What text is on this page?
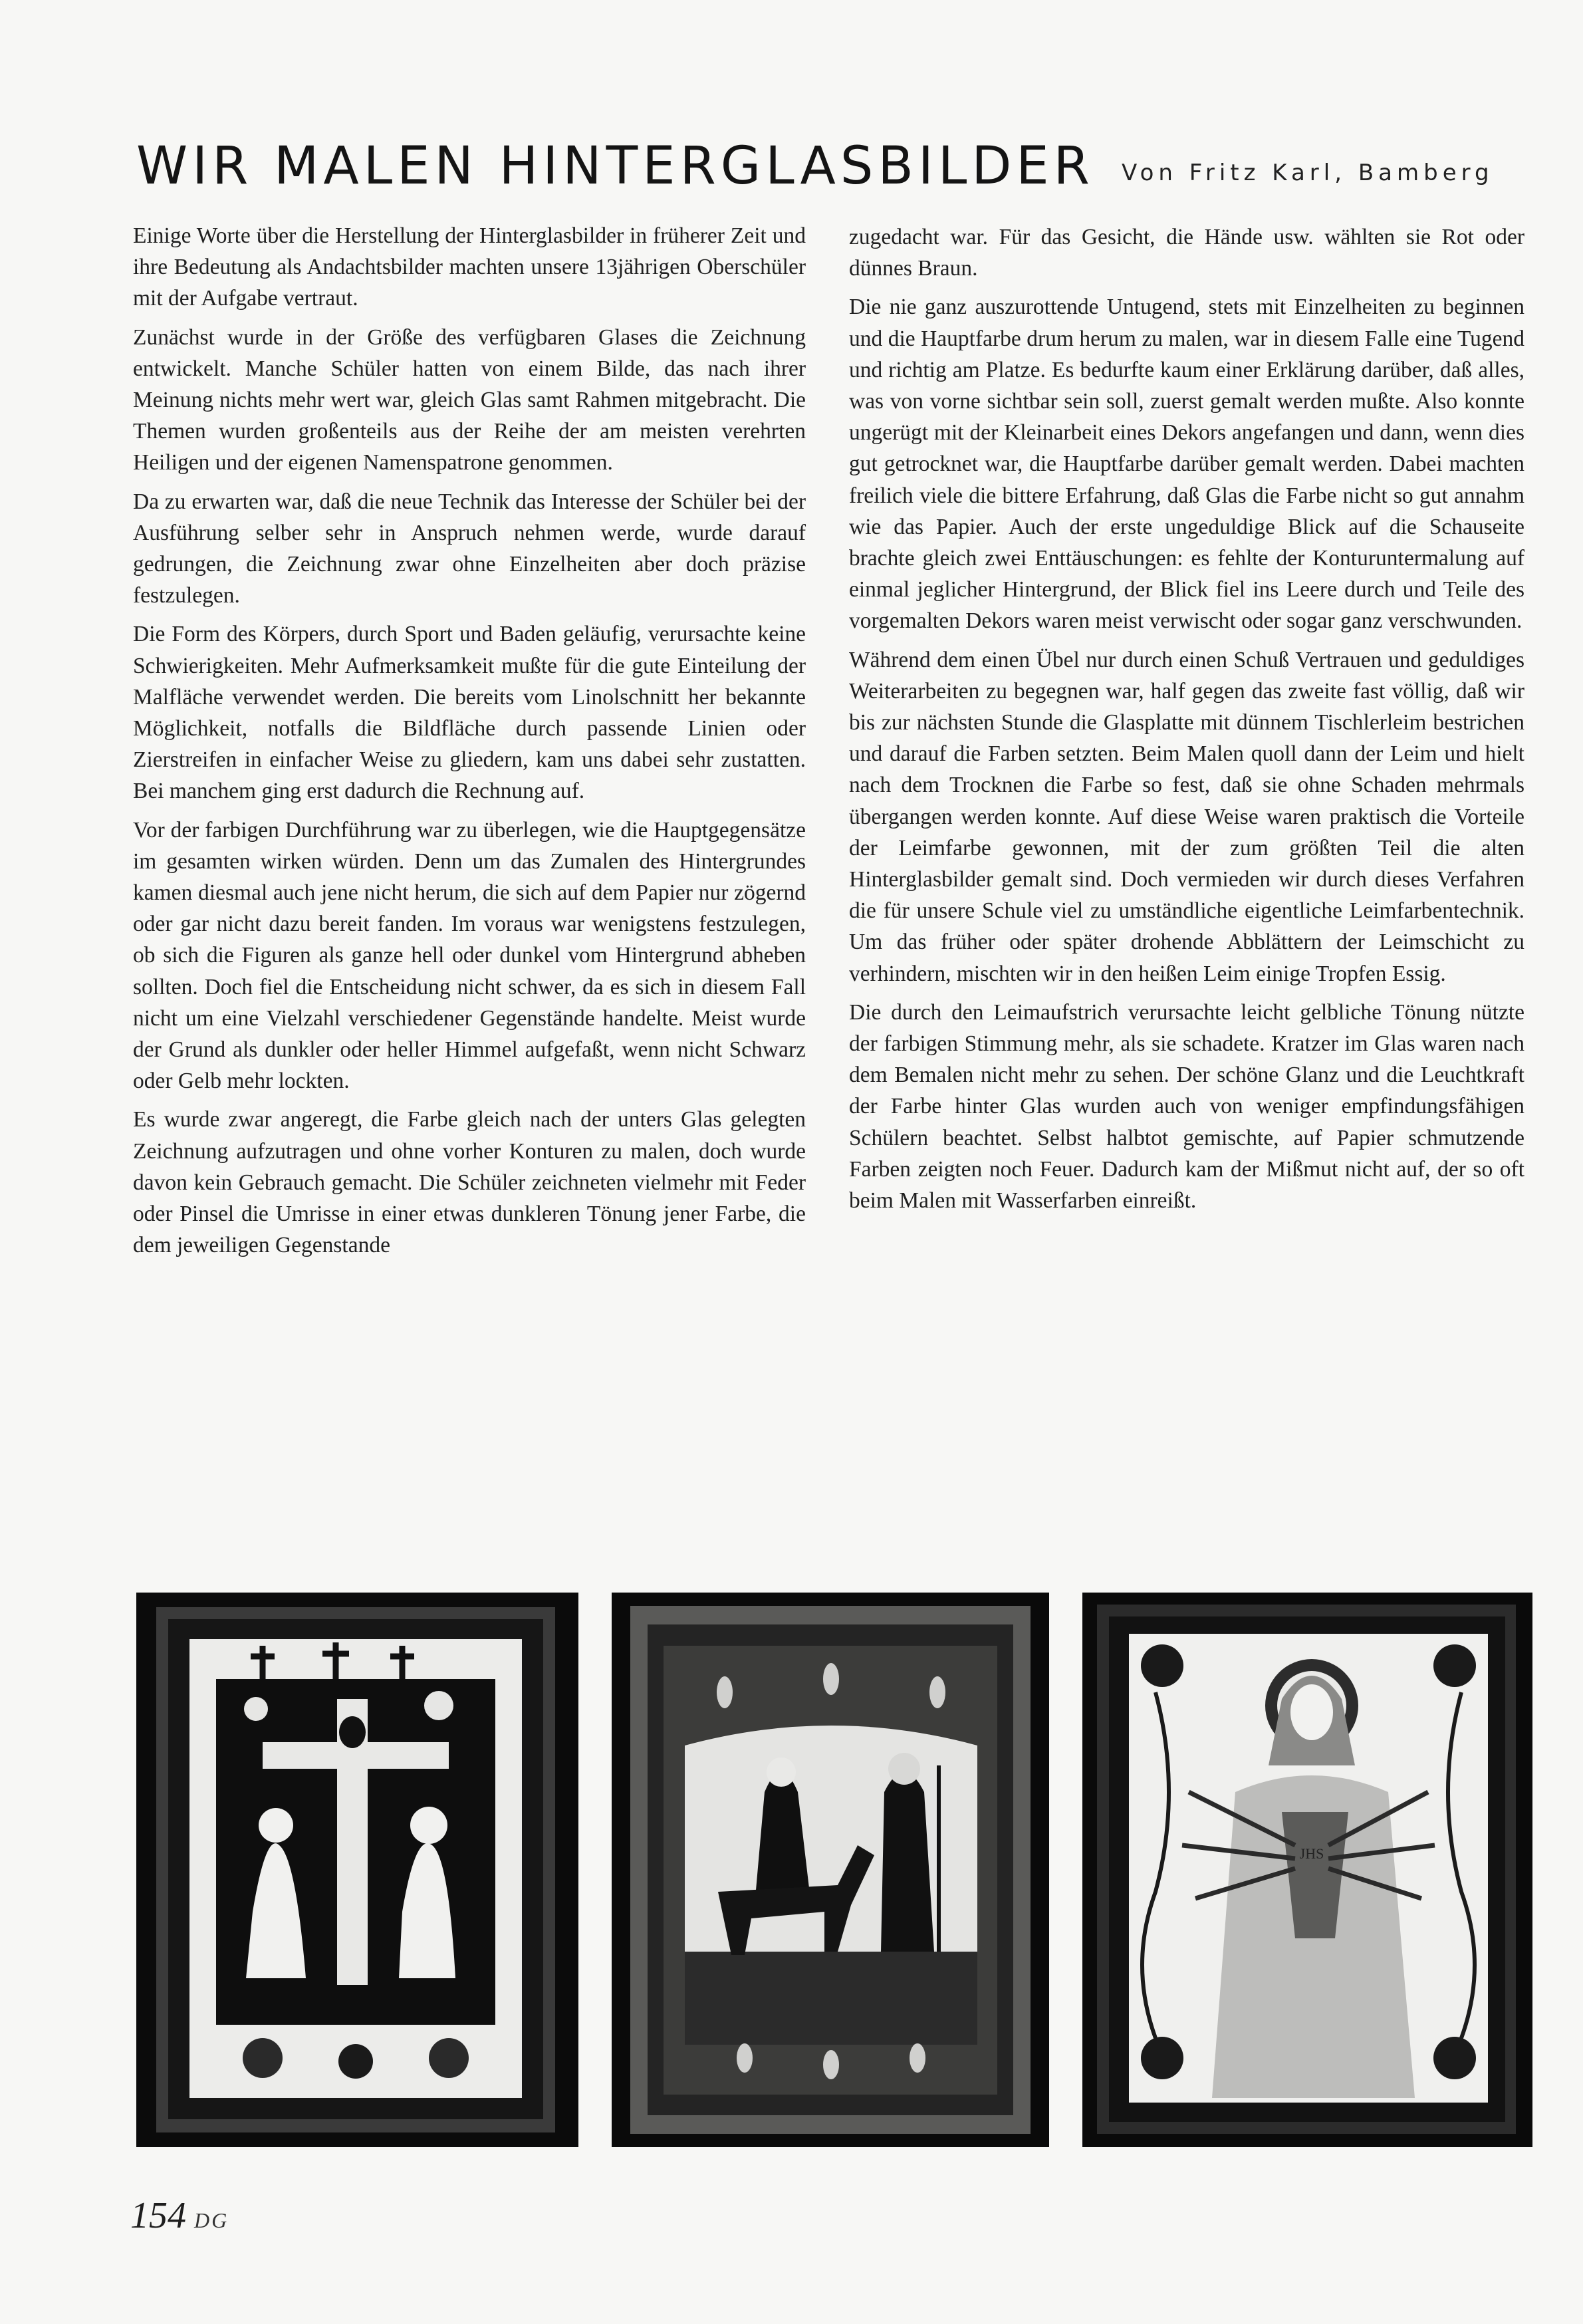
WIR MALEN HINTERGLASBILDER Von Fritz Karl, Bamberg

Einige Worte über die Herstellung der Hinterglasbilder in früherer Zeit und ihre Bedeutung als Andachtsbilder machten unsere 13jährigen Oberschüler mit der Aufgabe vertraut.

Zunächst wurde in der Größe des verfügbaren Glases die Zeichnung entwickelt. Manche Schüler hatten von einem Bilde, das nach ihrer Meinung nichts mehr wert war, gleich Glas samt Rahmen mitgebracht. Die Themen wurden großenteils aus der Reihe der am meisten verehrten Heiligen und der eigenen Namenspatrone genommen.

Da zu erwarten war, daß die neue Technik das Interesse der Schüler bei der Ausführung selber sehr in Anspruch nehmen werde, wurde darauf gedrungen, die Zeichnung zwar ohne Einzelheiten aber doch präzise festzulegen.

Die Form des Körpers, durch Sport und Baden geläufig, verursachte keine Schwierigkeiten. Mehr Aufmerksamkeit mußte für die gute Einteilung der Malfläche verwendet werden. Die bereits vom Linolschnitt her bekannte Möglichkeit, notfalls die Bildfläche durch passende Linien oder Zierstreifen in einfacher Weise zu gliedern, kam uns dabei sehr zustatten. Bei manchem ging erst dadurch die Rechnung auf.

Vor der farbigen Durchführung war zu überlegen, wie die Hauptgegensätze im gesamten wirken würden. Denn um das Zumalen des Hintergrundes kamen diesmal auch jene nicht herum, die sich auf dem Papier nur zögernd oder gar nicht dazu bereit fanden. Im voraus war wenigstens festzulegen, ob sich die Figuren als ganze hell oder dunkel vom Hintergrund abheben sollten. Doch fiel die Entscheidung nicht schwer, da es sich in diesem Fall nicht um eine Vielzahl verschiedener Gegenstände handelte. Meist wurde der Grund als dunkler oder heller Himmel aufgefaßt, wenn nicht Schwarz oder Gelb mehr lockten.

Es wurde zwar angeregt, die Farbe gleich nach der unters Glas gelegten Zeichnung aufzutragen und ohne vorher Konturen zu malen, doch wurde davon kein Gebrauch gemacht. Die Schüler zeichneten vielmehr mit Feder oder Pinsel die Umrisse in einer etwas dunkleren Tönung jener Farbe, die dem jeweiligen Gegenstande

zugedacht war. Für das Gesicht, die Hände usw. wählten sie Rot oder dünnes Braun.

Die nie ganz auszurottende Untugend, stets mit Einzelheiten zu beginnen und die Hauptfarbe drum herum zu malen, war in diesem Falle eine Tugend und richtig am Platze. Es bedurfte kaum einer Erklärung darüber, daß alles, was von vorne sichtbar sein soll, zuerst gemalt werden mußte. Also konnte ungerügt mit der Kleinarbeit eines Dekors angefangen und dann, wenn dies gut getrocknet war, die Hauptfarbe darüber gemalt werden. Dabei machten freilich viele die bittere Erfahrung, daß Glas die Farbe nicht so gut annahm wie das Papier. Auch der erste ungeduldige Blick auf die Schauseite brachte gleich zwei Enttäuschungen: es fehlte der Konturuntermalung auf einmal jeglicher Hintergrund, der Blick fiel ins Leere durch und Teile des vorgemalten Dekors waren meist verwischt oder sogar ganz verschwunden.

Während dem einen Übel nur durch einen Schuß Vertrauen und geduldiges Weiterarbeiten zu begegnen war, half gegen das zweite fast völlig, daß wir bis zur nächsten Stunde die Glasplatte mit dünnem Tischlerleim bestrichen und darauf die Farben setzten. Beim Malen quoll dann der Leim und hielt nach dem Trocknen die Farbe so fest, daß sie ohne Schaden mehrmals übergangen werden konnte. Auf diese Weise waren praktisch die Vorteile der Leimfarbe gewonnen, mit der zum größten Teil die alten Hinterglasbilder gemalt sind. Doch vermieden wir durch dieses Verfahren die für unsere Schule viel zu umständliche eigentliche Leimfarbentechnik. Um das früher oder später drohende Abblättern der Leimschicht zu verhindern, mischten wir in den heißen Leim einige Tropfen Essig.

Die durch den Leimaufstrich verursachte leicht gelbliche Tönung nützte der farbigen Stimmung mehr, als sie schadete. Kratzer im Glas waren nach dem Bemalen nicht mehr zu sehen. Der schöne Glanz und die Leuchtkraft der Farbe hinter Glas wurden auch von weniger empfindungsfähigen Schülern beachtet. Selbst halbtot gemischte, auf Papier schmutzende Farben zeigten noch Feuer. Dadurch kam der Mißmut nicht auf, der so oft beim Malen mit Wasserfarben einreißt.

JHS
154 DG
